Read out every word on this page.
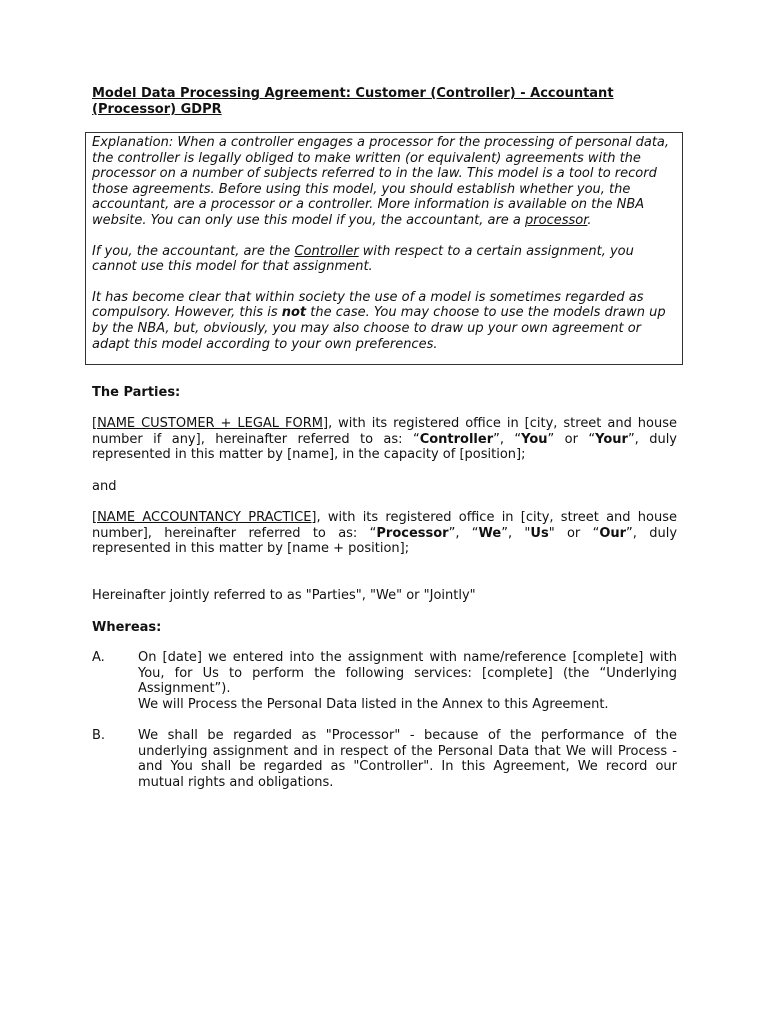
Model Data Processing Agreement: Customer (Controller) - Accountant (Processor) GDPR

Explanation: When a controller engages a processor for the processing of personal data, the controller is legally obliged to make written (or equivalent) agreements with the processor on a number of subjects referred to in the law. This model is a tool to record those agreements. Before using this model, you should establish whether you, the accountant, are a processor or a controller. More information is available on the NBA website. You can only use this model if you, the accountant, are a processor.

If you, the accountant, are the Controller with respect to a certain assignment, you cannot use this model for that assignment.

It has become clear that within society the use of a model is sometimes regarded as compulsory. However, this is not the case. You may choose to use the models drawn up by the NBA, but, obviously, you may also choose to draw up your own agreement or adapt this model according to your own preferences.

The Parties:
[NAME CUSTOMER + LEGAL FORM], with its registered office in [city, street and house number if any], hereinafter referred to as: “Controller”, “You” or “Your”, duly represented in this matter by [name], in the capacity of [position];
and
[NAME ACCOUNTANCY PRACTICE], with its registered office in [city, street and house number], hereinafter referred to as: “Processor”, “We”, "Us" or “Our”, duly represented in this matter by [name + position];
Hereinafter jointly referred to as "Parties", "We" or "Jointly"
Whereas:
A.	On [date] we entered into the assignment with name/reference [complete] with You, for Us to perform the following services: [complete] (the “Underlying Assignment”).
We will Process the Personal Data listed in the Annex to this Agreement.
B.	We shall be regarded as "Processor" - because of the performance of the underlying assignment and in respect of the Personal Data that We will Process - and You shall be regarded as "Controller". In this Agreement, We record our mutual rights and obligations.
